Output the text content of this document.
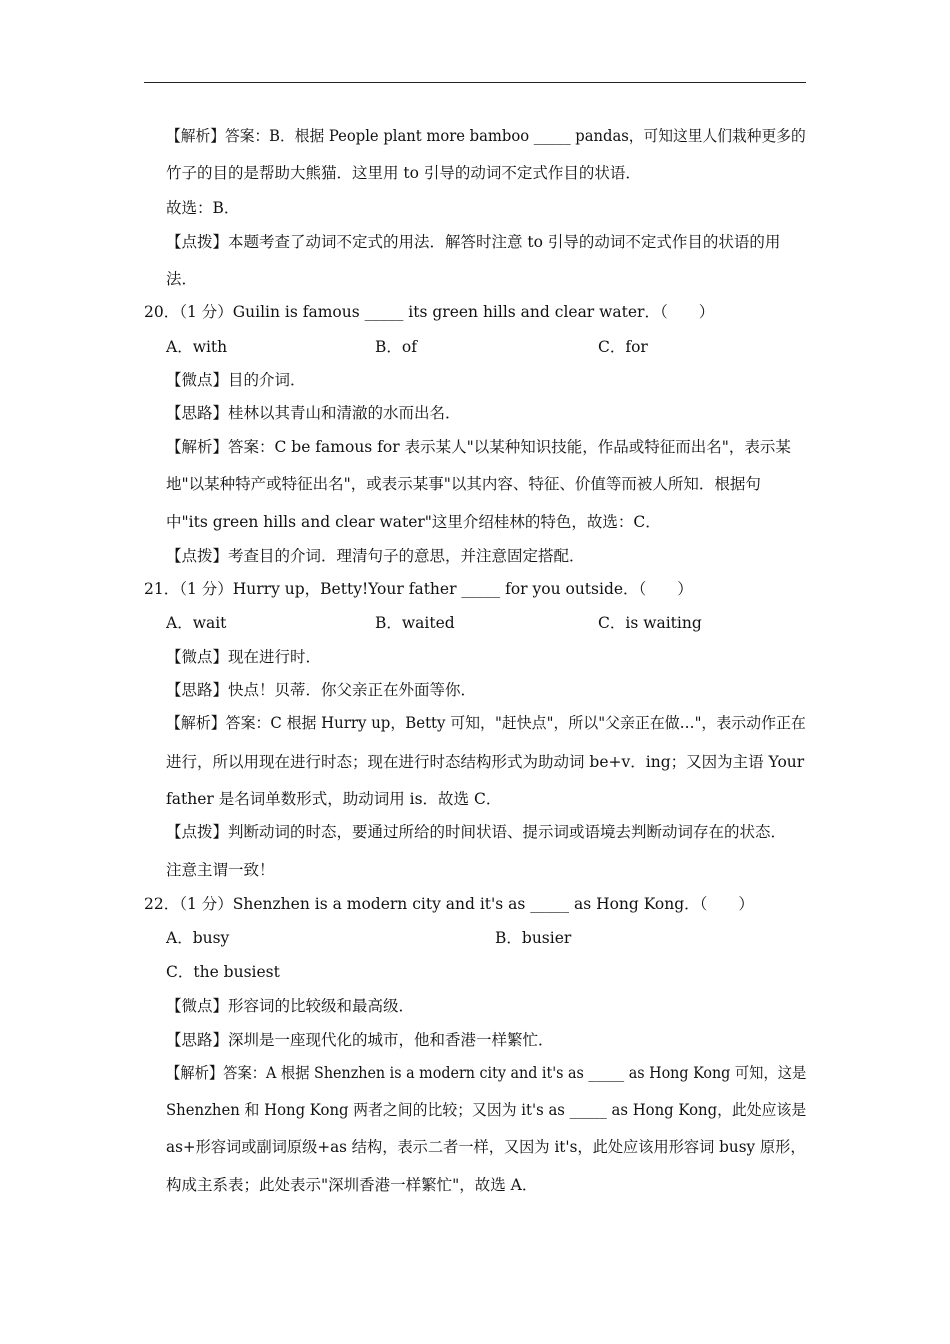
【解析】答案：B．根据 People plant more bamboo _____ pandas，可知这里人们栽种更多的
竹子的目的是帮助大熊猫．这里用 to 引导的动词不定式作目的状语．
故选：B．
【点拨】本题考查了动词不定式的用法．解答时注意 to 引导的动词不定式作目的状语的用
法．
20．（1 分）Guilin is famous _____ its green hills and clear water．（　　）
A．with	B．of	C．for
【微点】目的介词．
【思路】桂林以其青山和清澈的水而出名．
【解析】答案：C be famous for 表示某人"以某种知识技能，作品或特征而出名"，表示某
地"以某种特产或特征出名"，或表示某事"以其内容、特征、价值等而被人所知．根据句
中"its green hills and clear water"这里介绍桂林的特色，故选：C．
【点拨】考查目的介词．理清句子的意思，并注意固定搭配．
21．（1 分）Hurry up，Betty!Your father _____ for you outside．（　　）
A．wait	B．waited	C．is waiting
【微点】现在进行时．
【思路】快点！贝蒂．你父亲正在外面等你．
【解析】答案：C 根据 Hurry up，Betty 可知，"赶快点"，所以"父亲正在做…"，表示动作正在
进行，所以用现在进行时态；现在进行时态结构形式为助动词 be+v．ing；又因为主语 Your
father 是名词单数形式，助动词用 is．故选 C．
【点拨】判断动词的时态，要通过所给的时间状语、提示词或语境去判断动词存在的状态．
注意主谓一致！
22．（1 分）Shenzhen is a modern city and it's as _____ as Hong Kong．（　　）
A．busy	B．busier
C．the busiest
【微点】形容词的比较级和最高级．
【思路】深圳是一座现代化的城市，他和香港一样繁忙．
【解析】答案：A 根据 Shenzhen is a modern city and it's as _____ as Hong Kong 可知，这是
Shenzhen 和 Hong Kong 两者之间的比较；又因为 it's as _____ as Hong Kong，此处应该是
as+形容词或副词原级+as 结构，表示二者一样，又因为 it's，此处应该用形容词 busy 原形，
构成主系表；此处表示"深圳香港一样繁忙"，故选 A．
